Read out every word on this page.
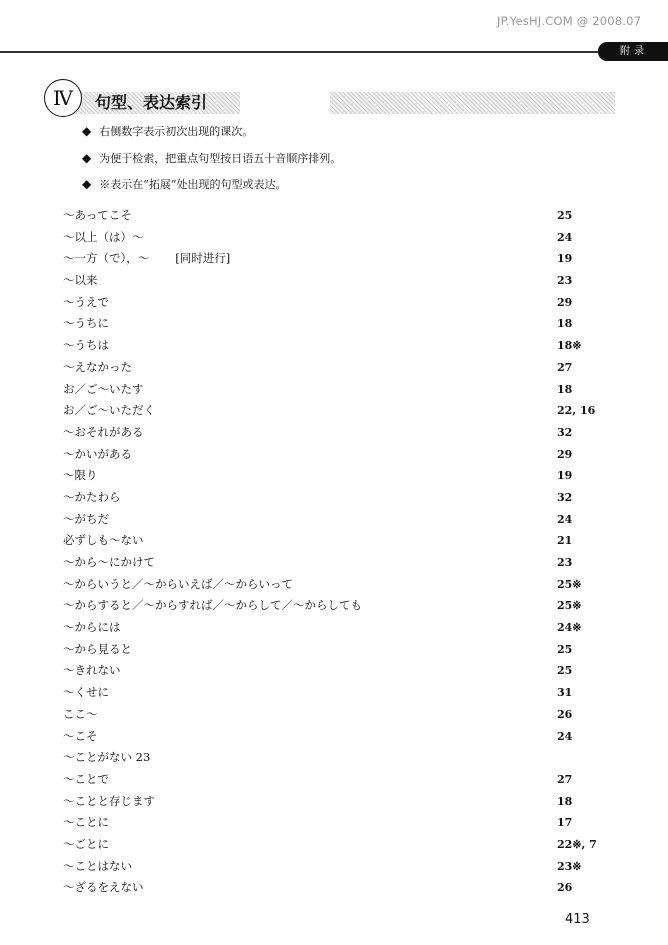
JP.YesHJ.COM @ 2008.07
附录
Ⅳ	句型、表达索引
◆ 右侧数字表示初次出现的课次。
◆ 为便于检索，把重点句型按日语五十音顺序排列。
◆ ※表示在“拓展”处出现的句型或表达。
～あってこそ	25
～以上（は）～	24
～一方（で），～ [同时进行]	19
～以来	23
～うえで	29
～うちに	18
～うちは	18※
～えなかった	27
お／ご～いたす	18
お／ご～いただく	22, 16
～おそれがある	32
～かいがある	29
～限り	19
～かたわら	32
～がちだ	24
必ずしも～ない	21
～から～にかけて	23
～からいうと／～からいえば／～からいって	25※
～からすると／～からすれば／～からして／～からしても	25※
～からには	24※
～から見ると	25
～きれない	25
～くせに	31
ここ～	26
～こそ	24
～ことがない 23
～ことで	27
～ことと存じます	18
～ことに	17
～ごとに	22※, 7
～ことはない	23※
～ざるをえない	26
413
